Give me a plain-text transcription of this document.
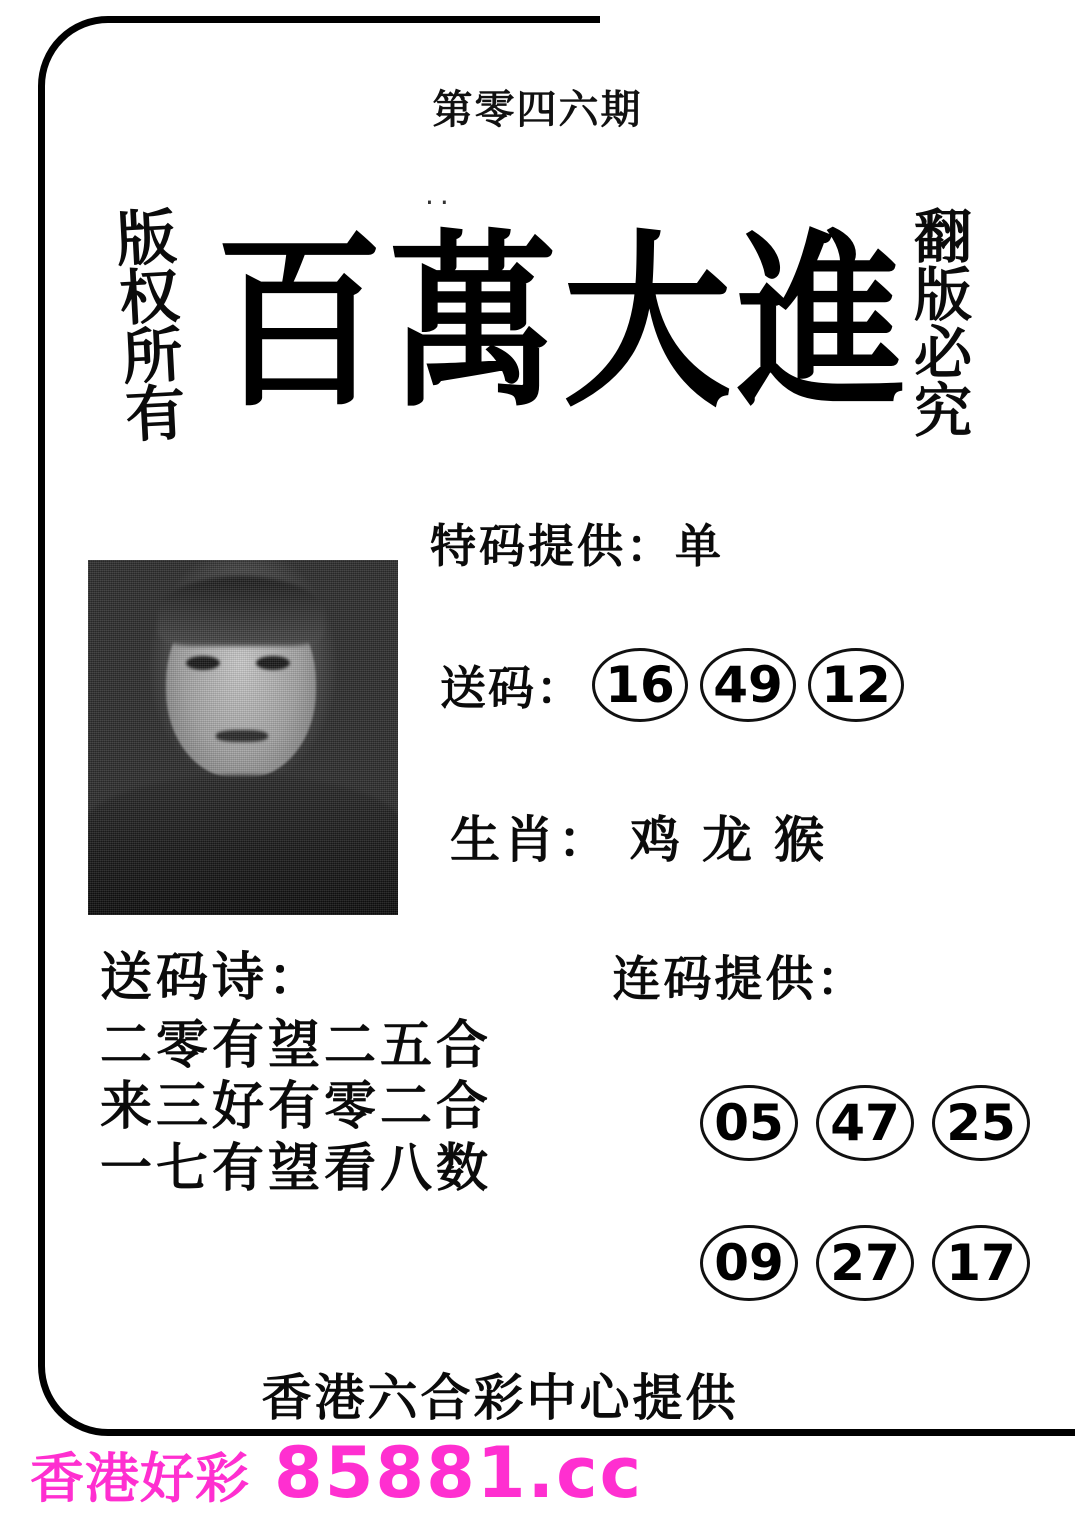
第零四六期
..
版
权
所
有
翻
版
必
究
百萬大進
特码提供：单
送码： 16 49 12
生肖： 鸡 龙 猴
送码诗：
二零有望二五合
来三好有零二合
一七有望看八数
连码提供：
05 47 25
09 27 17
香港六合彩中心提供
香港好彩 85881.cc
